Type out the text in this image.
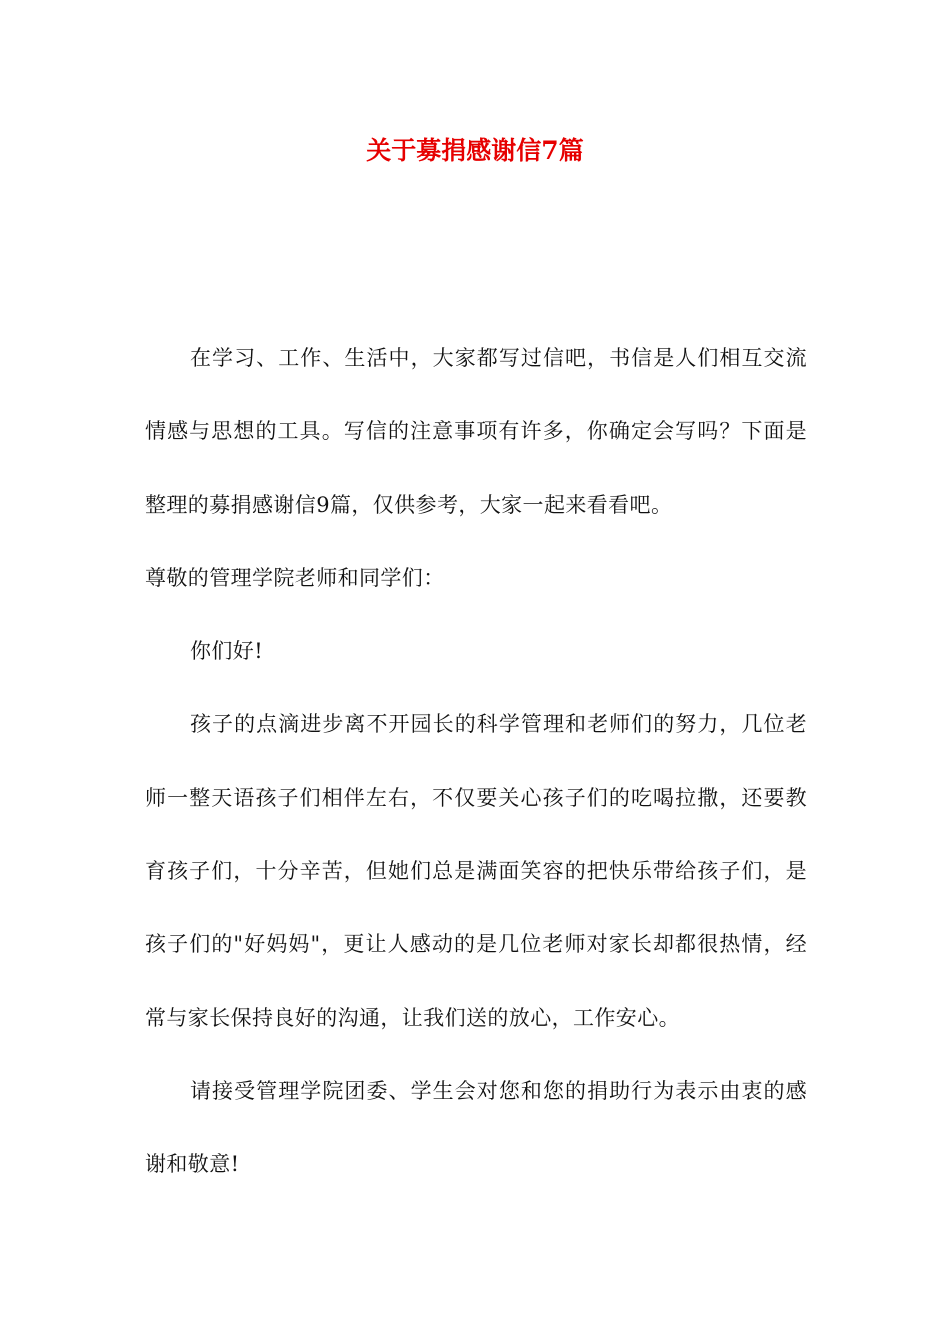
关于募捐感谢信7篇

在学习、工作、生活中，大家都写过信吧，书信是人们相互交流情感与思想的工具。写信的注意事项有许多，你确定会写吗？下面是整理的募捐感谢信9篇，仅供参考，大家一起来看看吧。

尊敬的管理学院老师和同学们：

你们好!

孩子的点滴进步离不开园长的科学管理和老师们的努力，几位老师一整天语孩子们相伴左右，不仅要关心孩子们的吃喝拉撒，还要教育孩子们，十分辛苦，但她们总是满面笑容的把快乐带给孩子们，是孩子们的"好妈妈"，更让人感动的是几位老师对家长却都很热情，经常与家长保持良好的沟通，让我们送的放心，工作安心。

请接受管理学院团委、学生会对您和您的捐助行为表示由衷的感谢和敬意!
